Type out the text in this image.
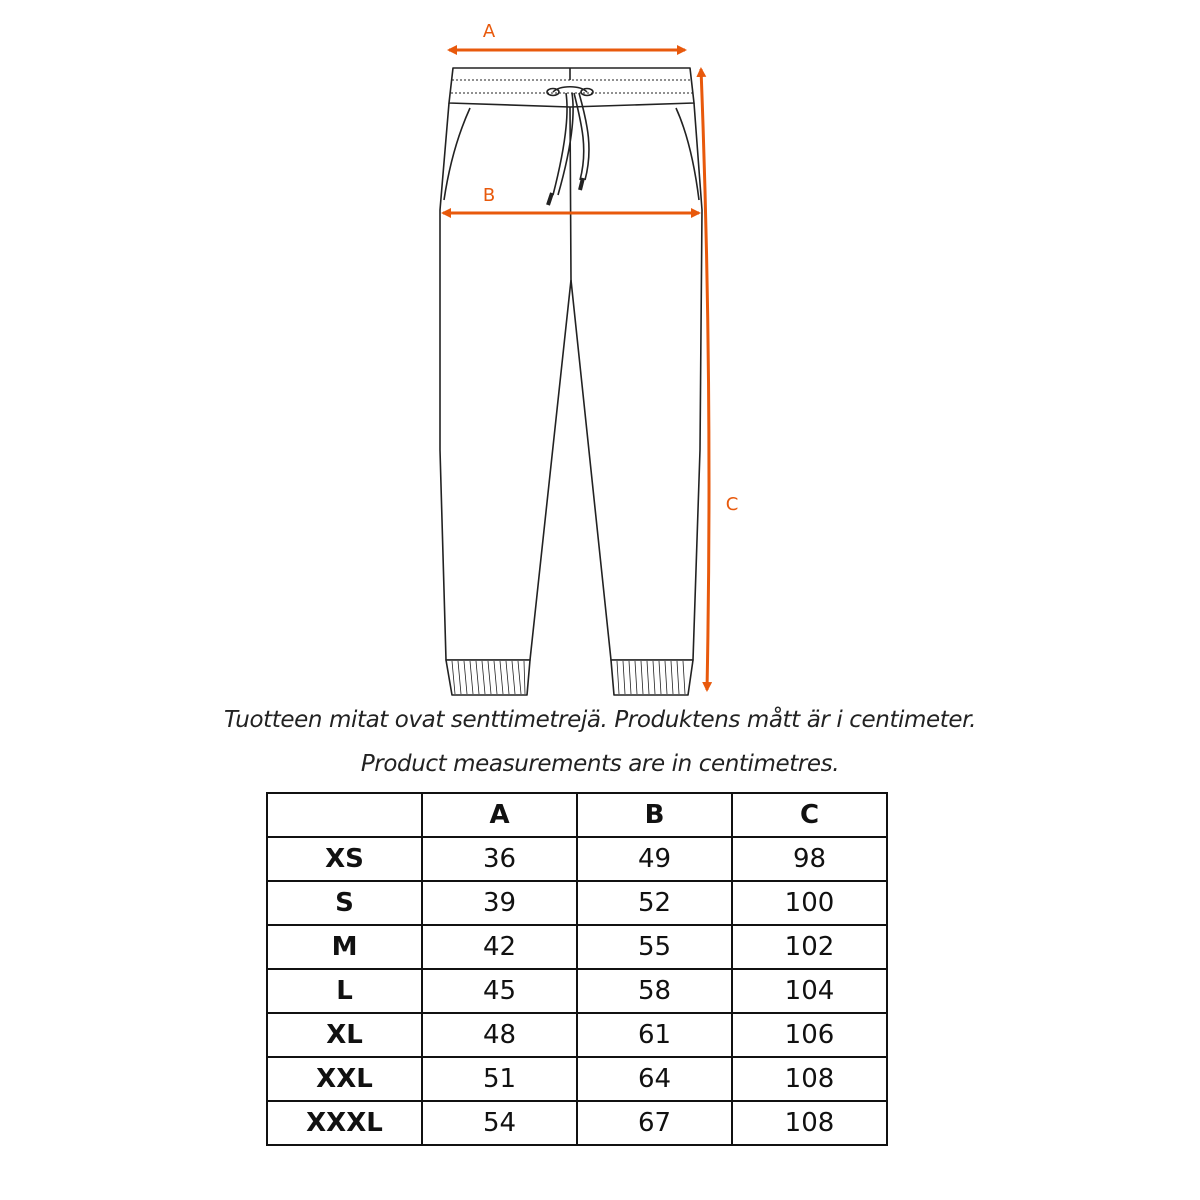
A
B
C
Tuotteen mitat ovat senttimetrejä. Produktens mått är i centimeter.
Product measurements are in centimetres.
	A	B	C
XS	36	49	98
S	39	52	100
M	42	55	102
L	45	58	104
XL	48	61	106
XXL	51	64	108
XXXL	54	67	108
